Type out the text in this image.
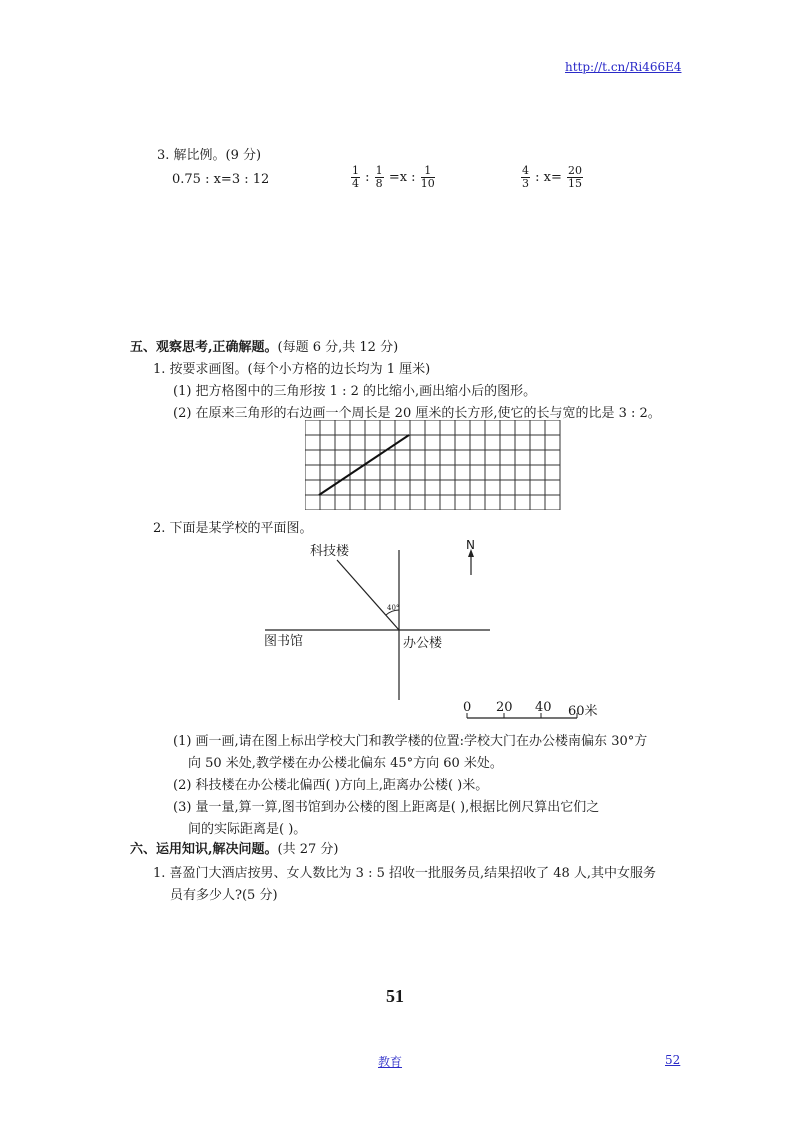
http://t.cn/Ri466E4
3. 解比例。(9 分)
0.75 : x=3 : 12	$\frac{1}{4}$ : $\frac{1}{8} =x$ : $\frac{1}{10}$	$\frac{4}{3}$ : $x= \frac{20}{15}$
五、观察思考,正确解题。(每题 6 分,共 12 分)
1. 按要求画图。(每个小方格的边长均为 1 厘米)
(1) 把方格图中的三角形按 1 : 2 的比缩小,画出缩小后的图形。
(2) 在原来三角形的右边画一个周长是 20 厘米的长方形,使它的长与宽的比是 3 : 2。
2. 下面是某学校的平面图。
科技楼
图书馆	办公楼
N
40°
0 20 40 60米
(1) 画一画,请在图上标出学校大门和教学楼的位置:学校大门在办公楼南偏东 30°方
向 50 米处,教学楼在办公楼北偏东 45°方向 60 米处。
(2) 科技楼在办公楼北偏西( )方向上,距离办公楼( )米。
(3) 量一量,算一算,图书馆到办公楼的图上距离是( ),根据比例尺算出它们之
间的实际距离是( )。
六、运用知识,解决问题。(共 27 分)
1. 喜盈门大酒店按男、女人数比为 3 : 5 招收一批服务员,结果招收了 48 人,其中女服务
员有多少人?(5 分)
51
教育	52
